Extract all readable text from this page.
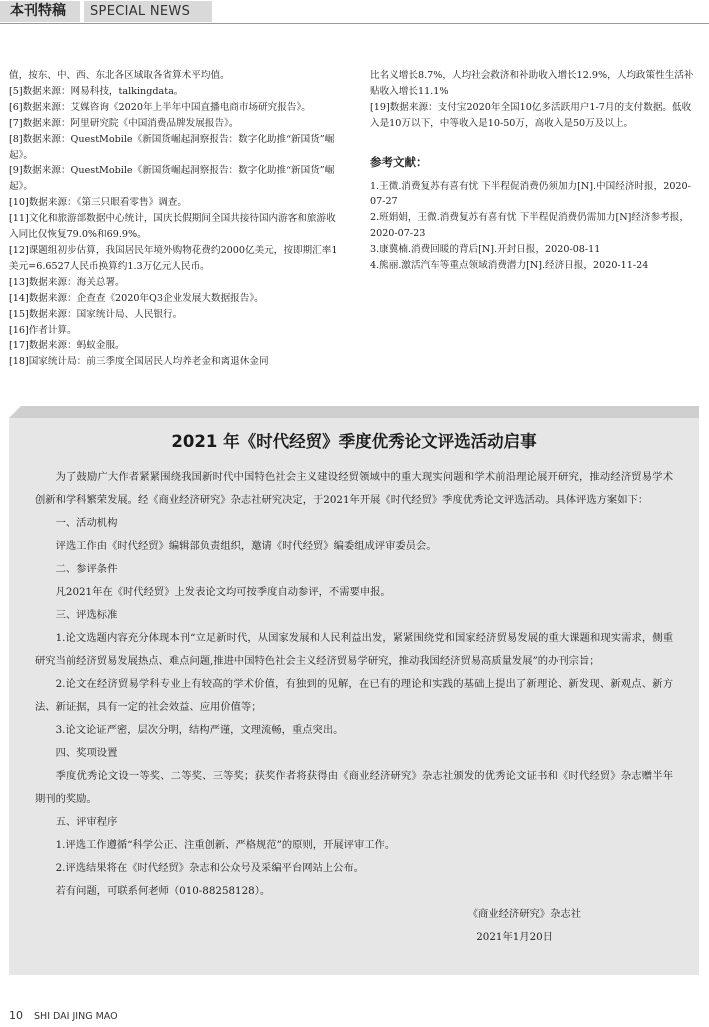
本刊特稿	SPECIAL NEWS

值，按东、中、西、东北各区域取各省算术平均值。

[5]数据来源：网易科技，talkingdata。

[6]数据来源：艾媒咨询《2020年上半年中国直播电商市场研究报告》。

[7]数据来源：阿里研究院《中国消费品牌发展报告》。

[8]数据来源：QuestMobile《新国货崛起洞察报告：数字化助推“新国货”崛起》。

[9]数据来源：QuestMobile《新国货崛起洞察报告：数字化助推“新国货”崛起》。

[10]数据来源：《第三只眼看零售》调查。

[11]文化和旅游部数据中心统计，国庆长假期间全国共接待国内游客和旅游收入同比仅恢复79.0%和69.9%。

[12]课题组初步估算，我国居民年境外购物花费约2000亿美元，按即期汇率1美元=6.6527人民币换算约1.3万亿元人民币。

[13]数据来源：海关总署。

[14]数据来源：企查查《2020年Q3企业发展大数据报告》。

[15]数据来源：国家统计局、人民银行。

[16]作者计算。

[17]数据来源：蚂蚁金服。

[18]国家统计局：前三季度全国居民人均养老金和离退休金同

比名义增长8.7%，人均社会救济和补助收入增长12.9%，人均政策性生活补贴收入增长11.1%

[19]数据来源：支付宝2020年全国10亿多活跃用户1-7月的支付数据。低收入是10万以下，中等收入是10-50万，高收入是50万及以上。

参考文献：

1.王微.消费复苏有喜有忧 下半程促消费仍须加力[N].中国经济时报，2020-07-27

2.班娟娟，王微.消费复苏有喜有忧 下半程促消费仍需加力[N]经济参考报，2020-07-23

3.康冀楠.消费回暖的背后[N].开封日报，2020-08-11

4.熊丽.激活汽车等重点领域消费潜力[N].经济日报，2020-11-24

2021 年《时代经贸》季度优秀论文评选活动启事

为了鼓励广大作者紧紧围绕我国新时代中国特色社会主义建设经贸领域中的重大现实问题和学术前沿理论展开研究，推动经济贸易学术创新和学科繁荣发展。经《商业经济研究》杂志社研究决定，于2021年开展《时代经贸》季度优秀论文评选活动。具体评选方案如下：

一、活动机构

评选工作由《时代经贸》编辑部负责组织，邀请《时代经贸》编委组成评审委员会。

二、参评条件

凡2021年在《时代经贸》上发表论文均可按季度自动参评，不需要申报。

三、评选标准

1.论文选题内容充分体现本刊“立足新时代，从国家发展和人民利益出发，紧紧围绕党和国家经济贸易发展的重大课题和现实需求，侧重研究当前经济贸易发展热点、难点问题,推进中国特色社会主义经济贸易学研究，推动我国经济贸易高质量发展”的办刊宗旨；

2.论文在经济贸易学科专业上有较高的学术价值，有独到的见解，在已有的理论和实践的基础上提出了新理论、新发现、新观点、新方法、新证据，具有一定的社会效益、应用价值等；

3.论文论证严密，层次分明，结构严谨，文理流畅，重点突出。

四、奖项设置

季度优秀论文设一等奖、二等奖、三等奖；获奖作者将获得由《商业经济研究》杂志社颁发的优秀论文证书和《时代经贸》杂志赠半年期刊的奖励。

五、评审程序

1.评选工作遵循“科学公正、注重创新、严格规范”的原则，开展评审工作。

2.评选结果将在《时代经贸》杂志和公众号及采编平台网站上公布。

若有问题，可联系何老师（010-88258128）。

《商业经济研究》杂志社

2021年1月20日

10 SHI DAI JING MAO
